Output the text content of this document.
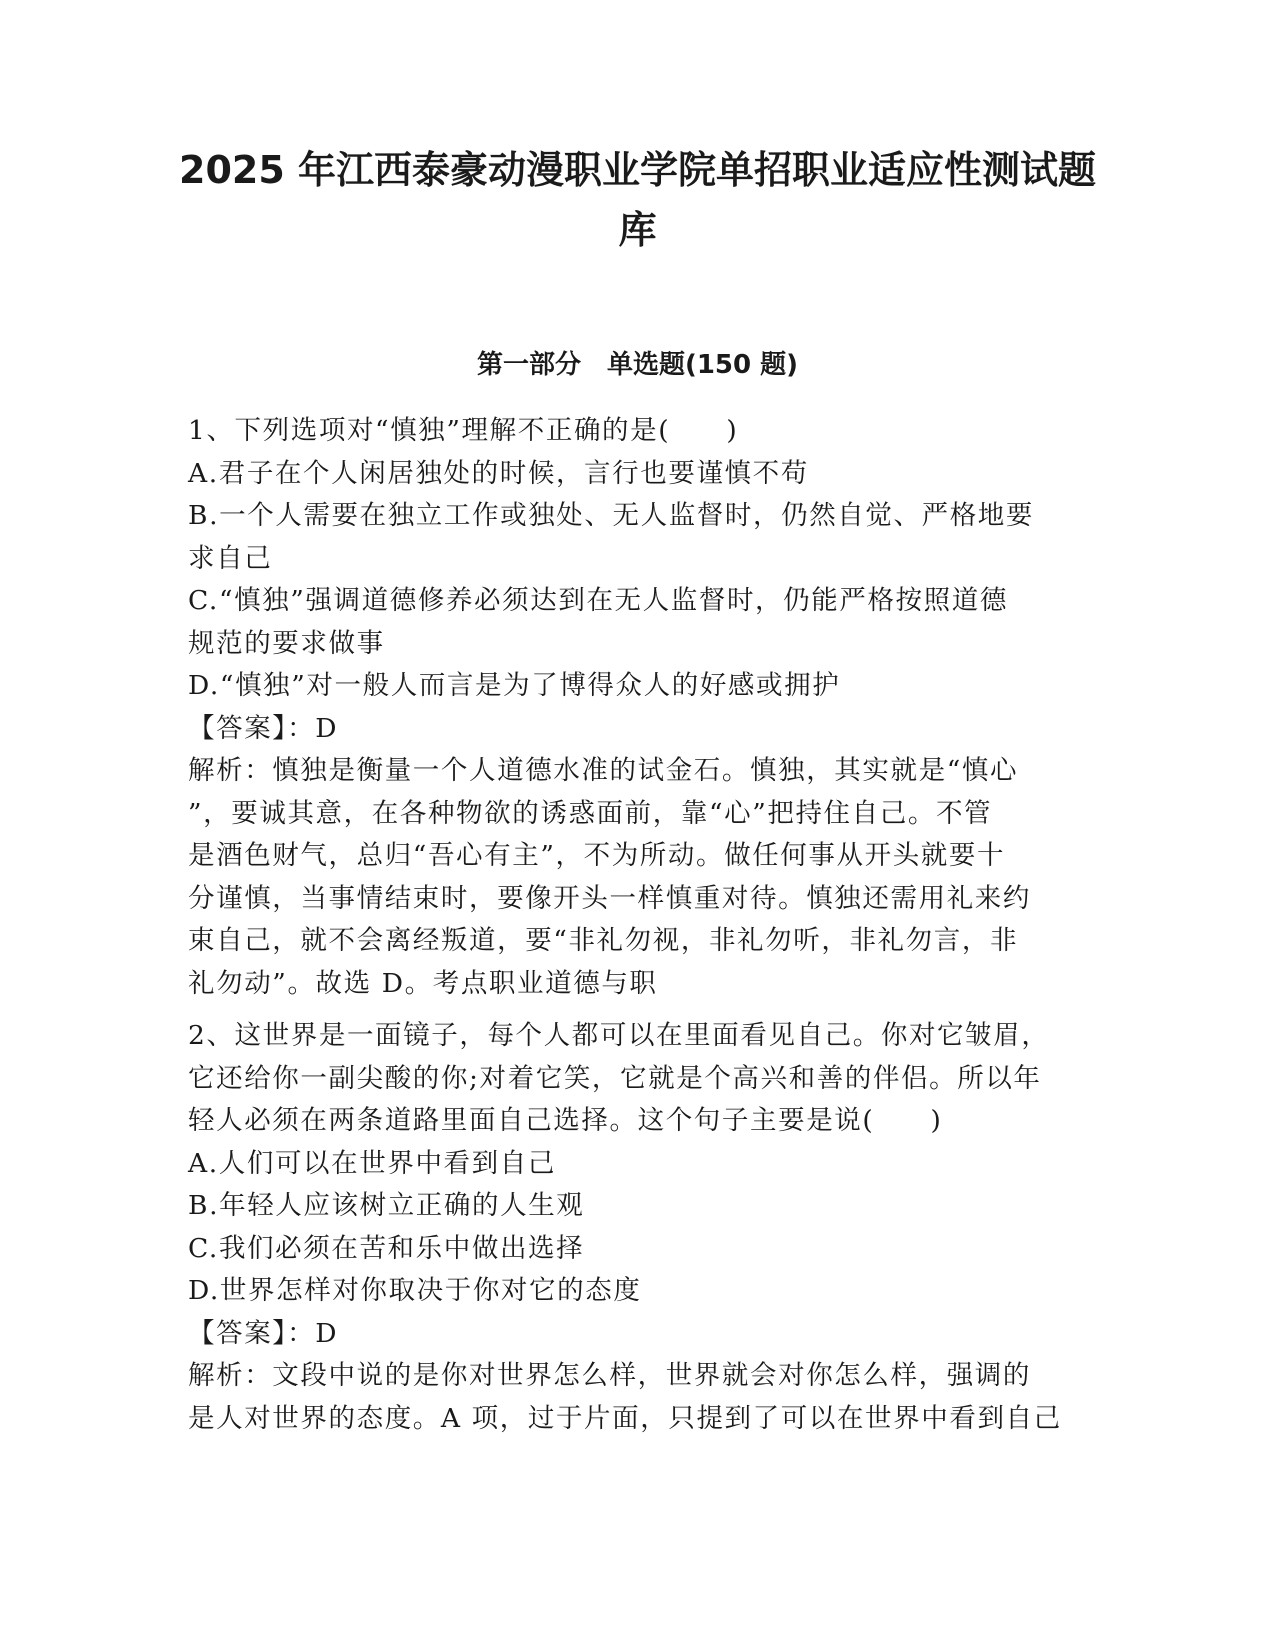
2025 年江西泰豪动漫职业学院单招职业适应性测试题
库
第一部分　单选题(150 题)
1、下列选项对“慎独”理解不正确的是(　　)
A.君子在个人闲居独处的时候，言行也要谨慎不苟
B.一个人需要在独立工作或独处、无人监督时，仍然自觉、严格地要
求自己
C.“慎独”强调道德修养必须达到在无人监督时，仍能严格按照道德
规范的要求做事
D.“慎独”对一般人而言是为了博得众人的好感或拥护
【答案】：D
解析：慎独是衡量一个人道德水准的试金石。慎独，其实就是“慎心
”，要诚其意，在各种物欲的诱惑面前，靠“心”把持住自己。不管
是酒色财气，总归“吾心有主”，不为所动。做任何事从开头就要十
分谨慎，当事情结束时，要像开头一样慎重对待。慎独还需用礼来约
束自己，就不会离经叛道，要“非礼勿视，非礼勿听，非礼勿言，非
礼勿动”。故选 D。考点职业道德与职
2、这世界是一面镜子，每个人都可以在里面看见自己。你对它皱眉，
它还给你一副尖酸的你;对着它笑，它就是个高兴和善的伴侣。所以年
轻人必须在两条道路里面自己选择。这个句子主要是说(　　)
A.人们可以在世界中看到自己
B.年轻人应该树立正确的人生观
C.我们必须在苦和乐中做出选择
D.世界怎样对你取决于你对它的态度
【答案】：D
解析：文段中说的是你对世界怎么样，世界就会对你怎么样，强调的
是人对世界的态度。A 项，过于片面，只提到了可以在世界中看到自己
